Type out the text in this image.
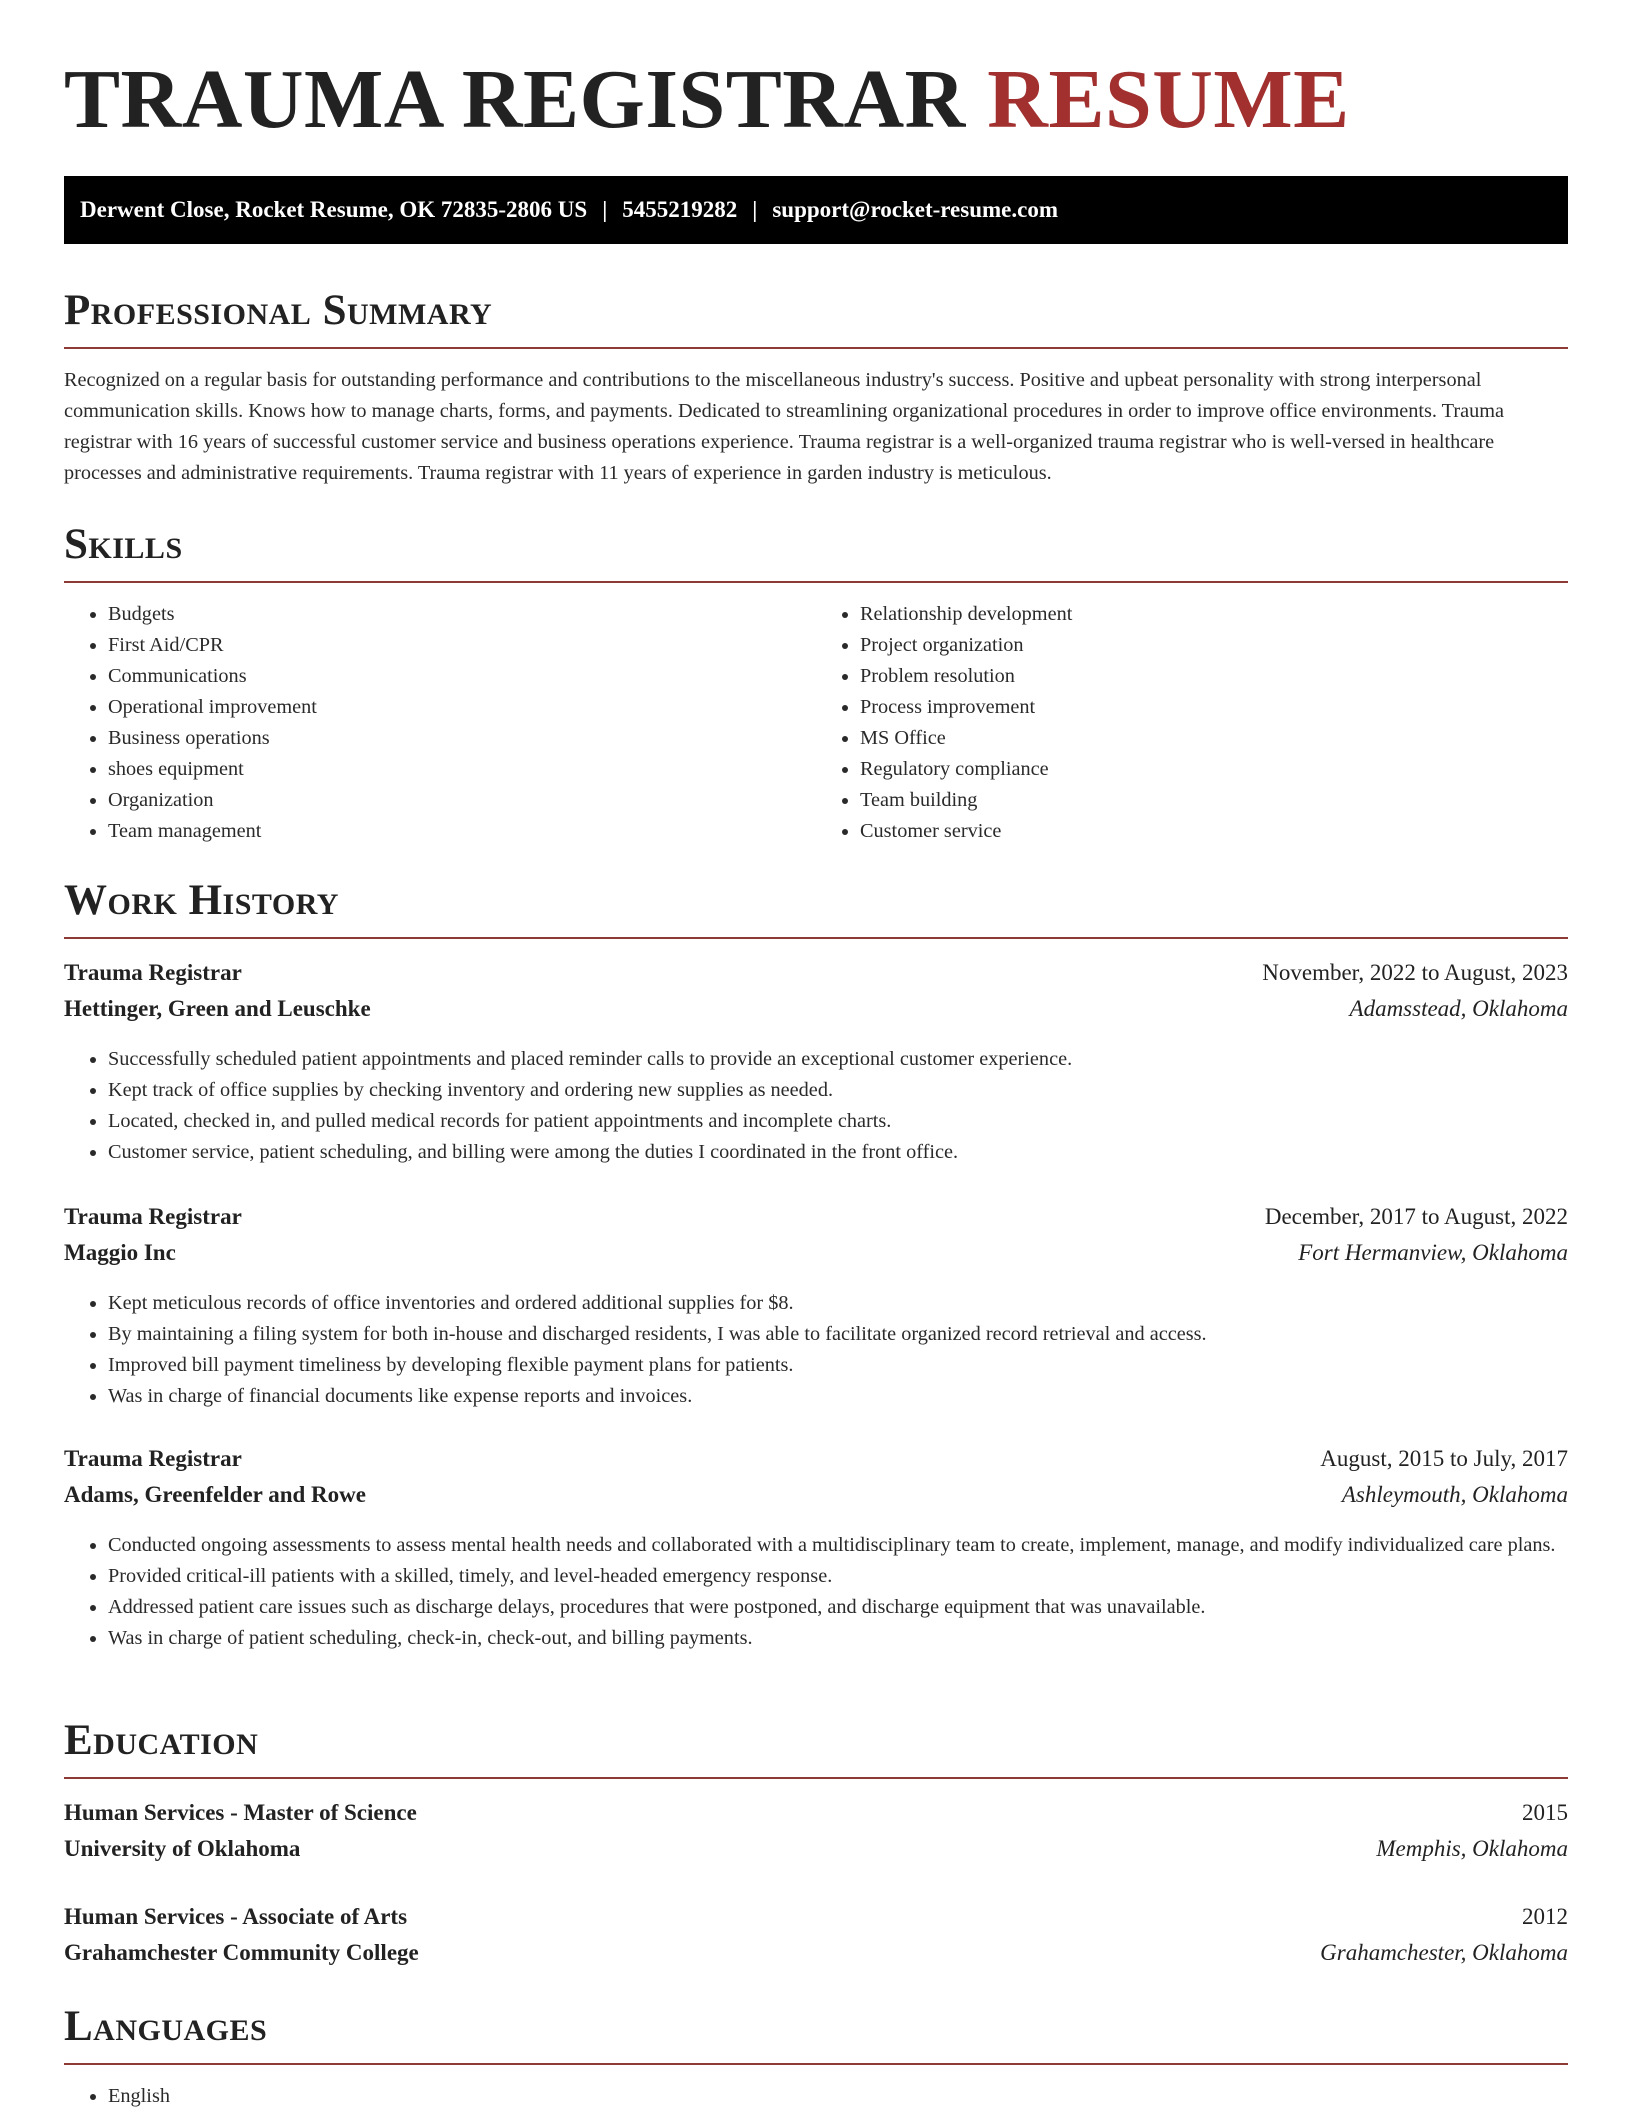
TRAUMA REGISTRAR RESUME
Derwent Close, Rocket Resume, OK 72835-2806 US | 5455219282 | support@rocket-resume.com
Professional Summary

Recognized on a regular basis for outstanding performance and contributions to the miscellaneous industry's success. Positive and upbeat personality with strong interpersonal communication skills. Knows how to manage charts, forms, and payments. Dedicated to streamlining organizational procedures in order to improve office environments. Trauma registrar with 16 years of successful customer service and business operations experience. Trauma registrar is a well-organized trauma registrar who is well-versed in healthcare processes and administrative requirements. Trauma registrar with 11 years of experience in garden industry is meticulous.

Skills
• Budgets
• First Aid/CPR
• Communications
• Operational improvement
• Business operations
• shoes equipment
• Organization
• Team management
• Relationship development
• Project organization
• Problem resolution
• Process improvement
• MS Office
• Regulatory compliance
• Team building
• Customer service
Work History
Trauma Registrar	November, 2022 to August, 2023
Hettinger, Green and Leuschke	Adamsstead, Oklahoma
• Successfully scheduled patient appointments and placed reminder calls to provide an exceptional customer experience.
• Kept track of office supplies by checking inventory and ordering new supplies as needed.
• Located, checked in, and pulled medical records for patient appointments and incomplete charts.
• Customer service, patient scheduling, and billing were among the duties I coordinated in the front office.
Trauma Registrar	December, 2017 to August, 2022
Maggio Inc	Fort Hermanview, Oklahoma
• Kept meticulous records of office inventories and ordered additional supplies for $8.
• By maintaining a filing system for both in-house and discharged residents, I was able to facilitate organized record retrieval and access.
• Improved bill payment timeliness by developing flexible payment plans for patients.
• Was in charge of financial documents like expense reports and invoices.
Trauma Registrar	August, 2015 to July, 2017
Adams, Greenfelder and Rowe	Ashleymouth, Oklahoma
• Conducted ongoing assessments to assess mental health needs and collaborated with a multidisciplinary team to create, implement, manage, and modify individualized care plans.
• Provided critical-ill patients with a skilled, timely, and level-headed emergency response.
• Addressed patient care issues such as discharge delays, procedures that were postponed, and discharge equipment that was unavailable.
• Was in charge of patient scheduling, check-in, check-out, and billing payments.
Education
Human Services - Master of Science	2015
University of Oklahoma	Memphis, Oklahoma
Human Services - Associate of Arts	2012
Grahamchester Community College	Grahamchester, Oklahoma
Languages
• English
